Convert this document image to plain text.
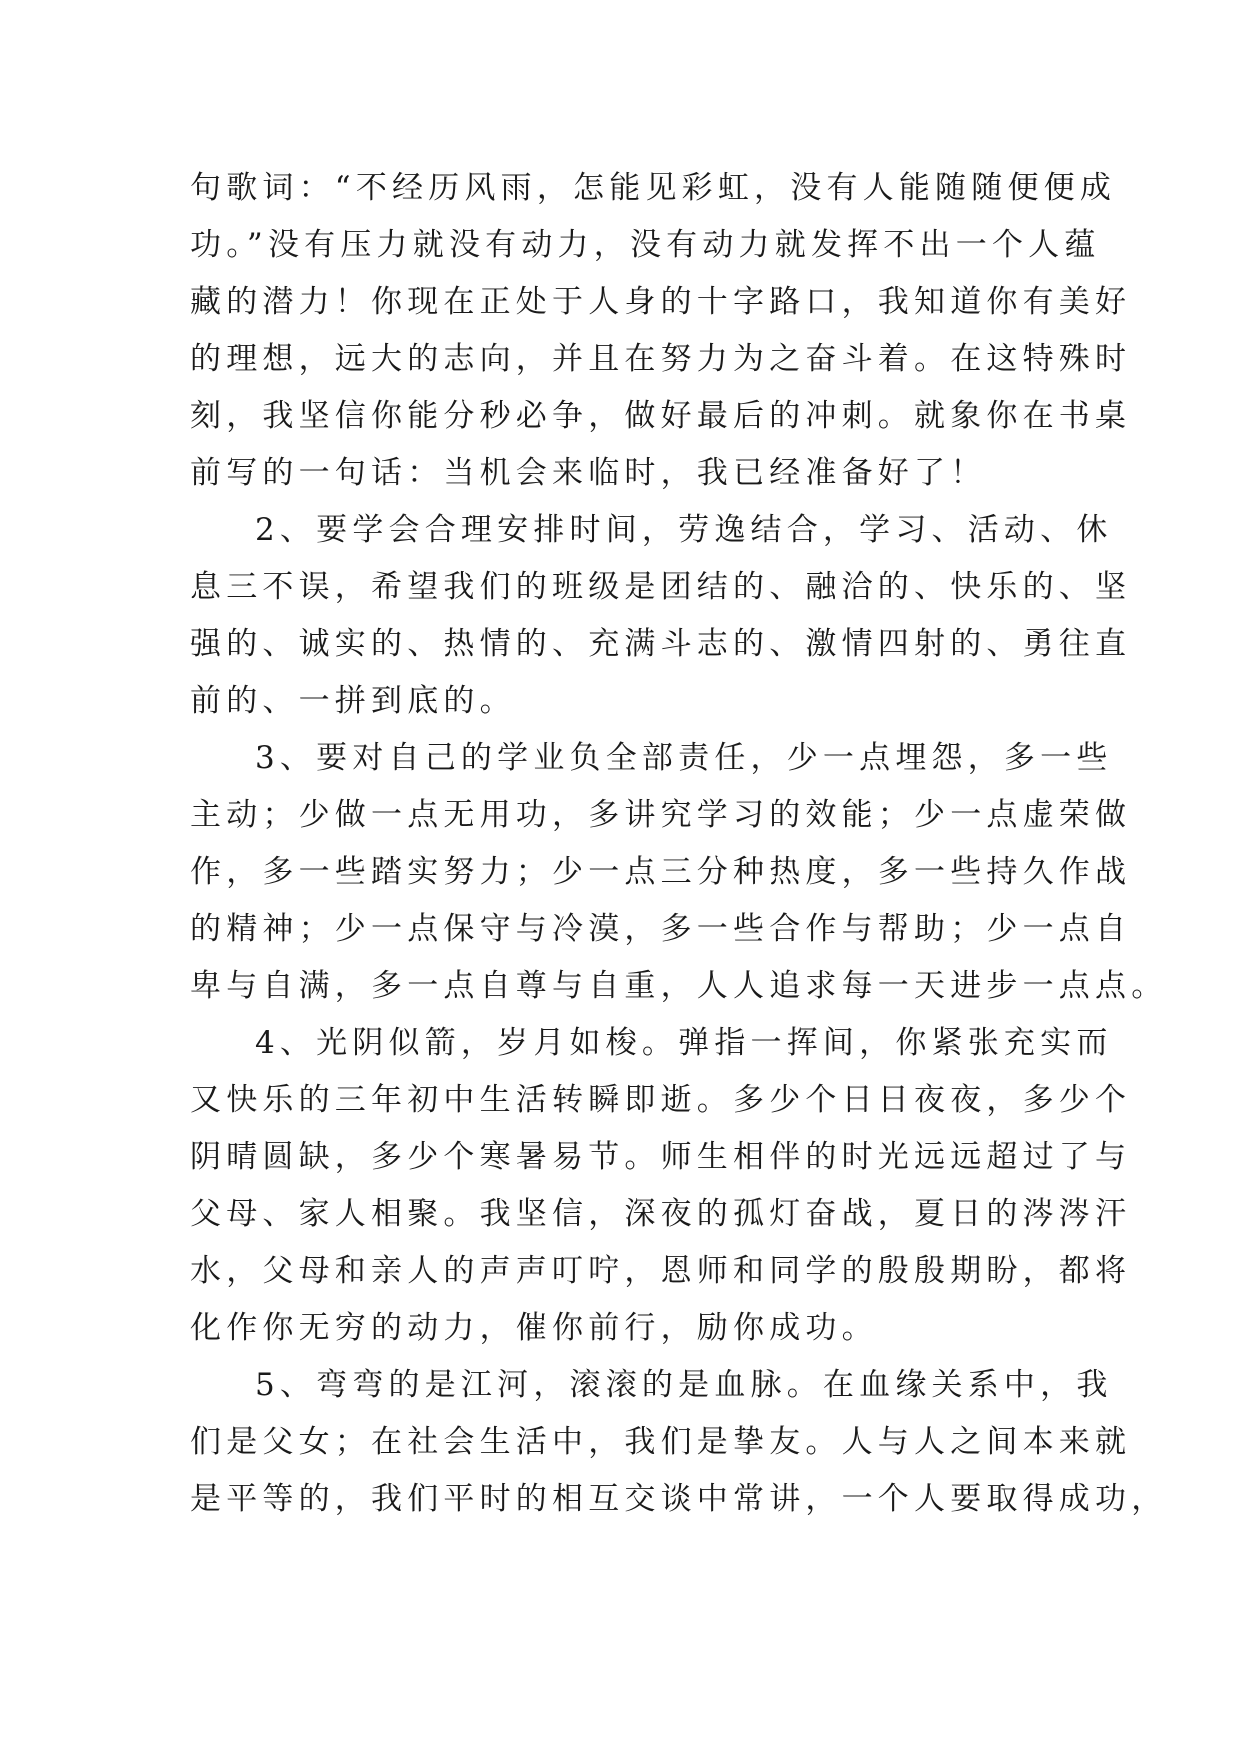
句歌词：“不经历风雨，怎能见彩虹，没有人能随随便便成
功。”没有压力就没有动力，没有动力就发挥不出一个人蕴
藏的潜力！你现在正处于人身的十字路口，我知道你有美好
的理想，远大的志向，并且在努力为之奋斗着。在这特殊时
刻，我坚信你能分秒必争，做好最后的冲刺。就象你在书桌
前写的一句话：当机会来临时，我已经准备好了！
2、要学会合理安排时间，劳逸结合，学习、活动、休
息三不误，希望我们的班级是团结的、融洽的、快乐的、坚
强的、诚实的、热情的、充满斗志的、激情四射的、勇往直
前的、一拼到底的。
3、要对自己的学业负全部责任，少一点埋怨，多一些
主动；少做一点无用功，多讲究学习的效能；少一点虚荣做
作，多一些踏实努力；少一点三分种热度，多一些持久作战
的精神；少一点保守与冷漠，多一些合作与帮助；少一点自
卑与自满，多一点自尊与自重，人人追求每一天进步一点点。
4、光阴似箭，岁月如梭。弹指一挥间，你紧张充实而
又快乐的三年初中生活转瞬即逝。多少个日日夜夜，多少个
阴晴圆缺，多少个寒暑易节。师生相伴的时光远远超过了与
父母、家人相聚。我坚信，深夜的孤灯奋战，夏日的涔涔汗
水，父母和亲人的声声叮咛，恩师和同学的殷殷期盼，都将
化作你无穷的动力，催你前行，励你成功。
5、弯弯的是江河，滚滚的是血脉。在血缘关系中，我
们是父女；在社会生活中，我们是挚友。人与人之间本来就
是平等的，我们平时的相互交谈中常讲，一个人要取得成功，
